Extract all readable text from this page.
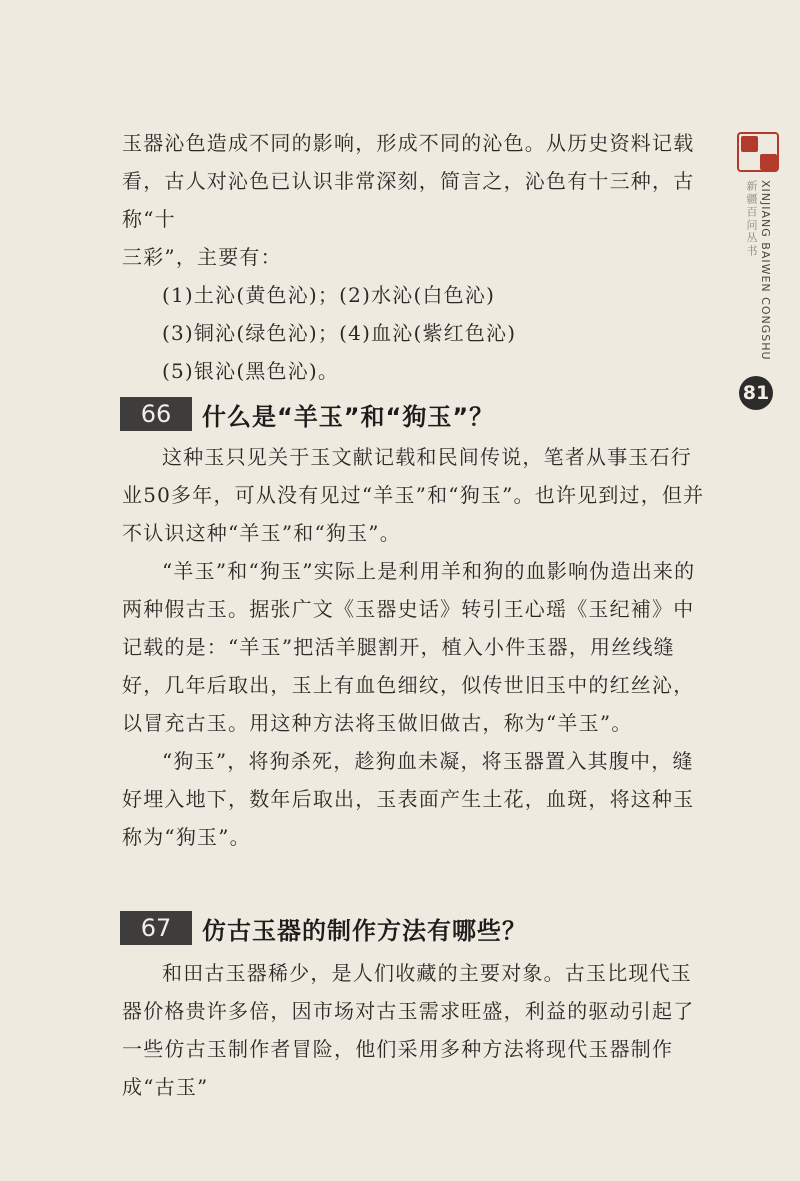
玉器沁色造成不同的影响，形成不同的沁色。从历史资料记载

看，古人对沁色已认识非常深刻，简言之，沁色有十三种，古称“十

三彩”，主要有：

(1)土沁(黄色沁)；(2)水沁(白色沁)

(3)铜沁(绿色沁)；(4)血沁(紫红色沁)

(5)银沁(黑色沁)。

66	什么是“羊玉”和“狗玉”？

这种玉只见关于玉文献记载和民间传说，笔者从事玉石行业50多年，可从没有见过“羊玉”和“狗玉”。也许见到过，但并不认识这种“羊玉”和“狗玉”。

“羊玉”和“狗玉”实际上是利用羊和狗的血影响伪造出来的两种假古玉。据张广文《玉器史话》转引王心瑶《玉纪補》中记载的是：“羊玉”把活羊腿割开，植入小件玉器，用丝线缝好，几年后取出，玉上有血色细纹，似传世旧玉中的红丝沁，以冒充古玉。用这种方法将玉做旧做古，称为“羊玉”。

“狗玉”，将狗杀死，趁狗血未凝，将玉器置入其腹中，缝好埋入地下，数年后取出，玉表面产生土花，血斑，将这种玉称为“狗玉”。

67	仿古玉器的制作方法有哪些？

和田古玉器稀少，是人们收藏的主要对象。古玉比现代玉器价格贵许多倍，因市场对古玉需求旺盛，利益的驱动引起了一些仿古玉制作者冒险，他们采用多种方法将现代玉器制作成“古玉”

新疆百问丛书 XINJIANG BAIWEN CONGSHU
81
